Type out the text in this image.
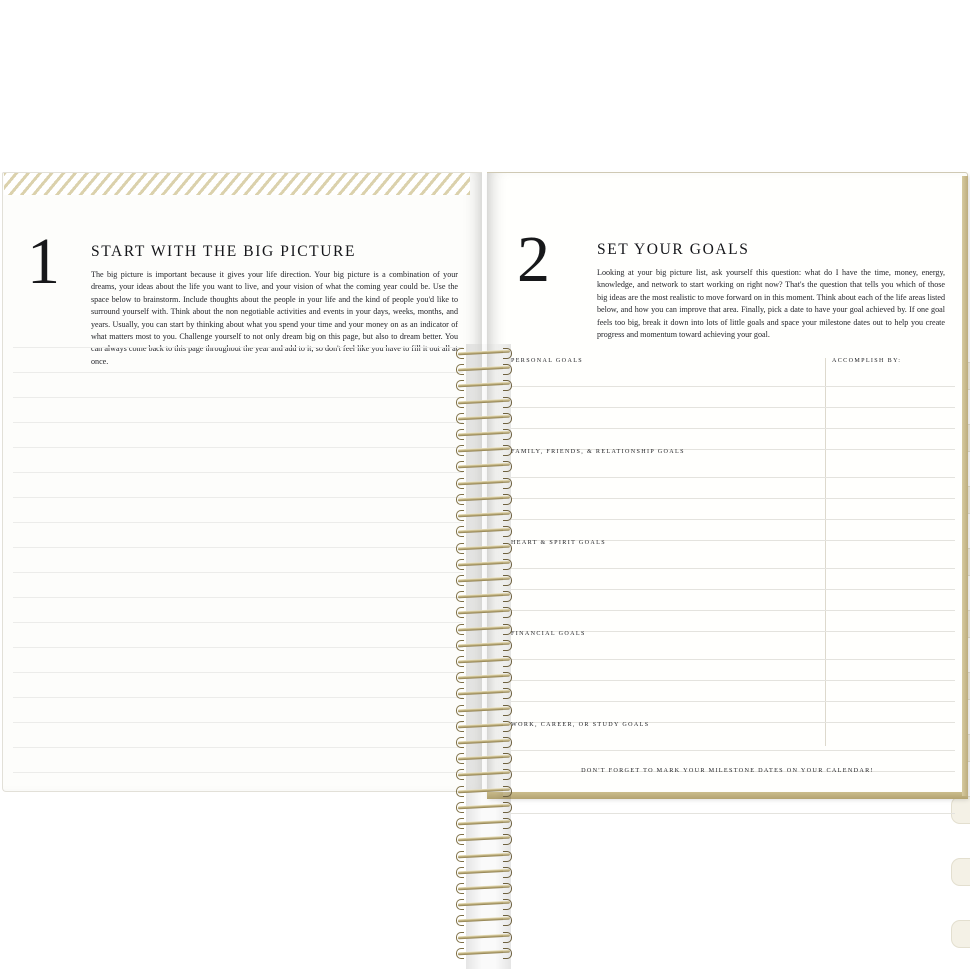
1 START WITH THE BIG PICTURE
The big picture is important because it gives your life direction. Your big picture is a combination of your dreams, your ideas about the life you want to live, and your vision of what the coming year could be. Use the space below to brainstorm. Include thoughts about the people in your life and the kind of people you'd like to surround yourself with. Think about the non negotiable activities and events in your days, weeks, months, and years. Usually, you can start by thinking about what you spend your time and your money on as an indicator of what matters most to you. Challenge yourself to not only dream big on this page, but also to dream better. You can always come back to this page throughout the year and add to it, so don't feel like you have to fill it out all at once.
2	SET YOUR GOALS
Looking at your big picture list, ask yourself this question: what do I have the time, money, energy, knowledge, and network to start working on right now? That's the question that tells you which of those big ideas are the most realistic to move forward on in this moment. Think about each of the life areas listed below, and how you can improve that area. Finally, pick a date to have your goal achieved by. If one goal feels too big, break it down into lots of little goals and space your milestone dates out to help you create progress and momentum toward achieving your goal.
ACCOMPLISH BY:
PERSONAL GOALS
FAMILY, FRIENDS, & RELATIONSHIP GOALS
HEART & SPIRIT GOALS
FINANCIAL GOALS
WORK, CAREER, OR STUDY GOALS
DON'T FORGET TO MARK YOUR MILESTONE DATES ON YOUR CALENDAR!
